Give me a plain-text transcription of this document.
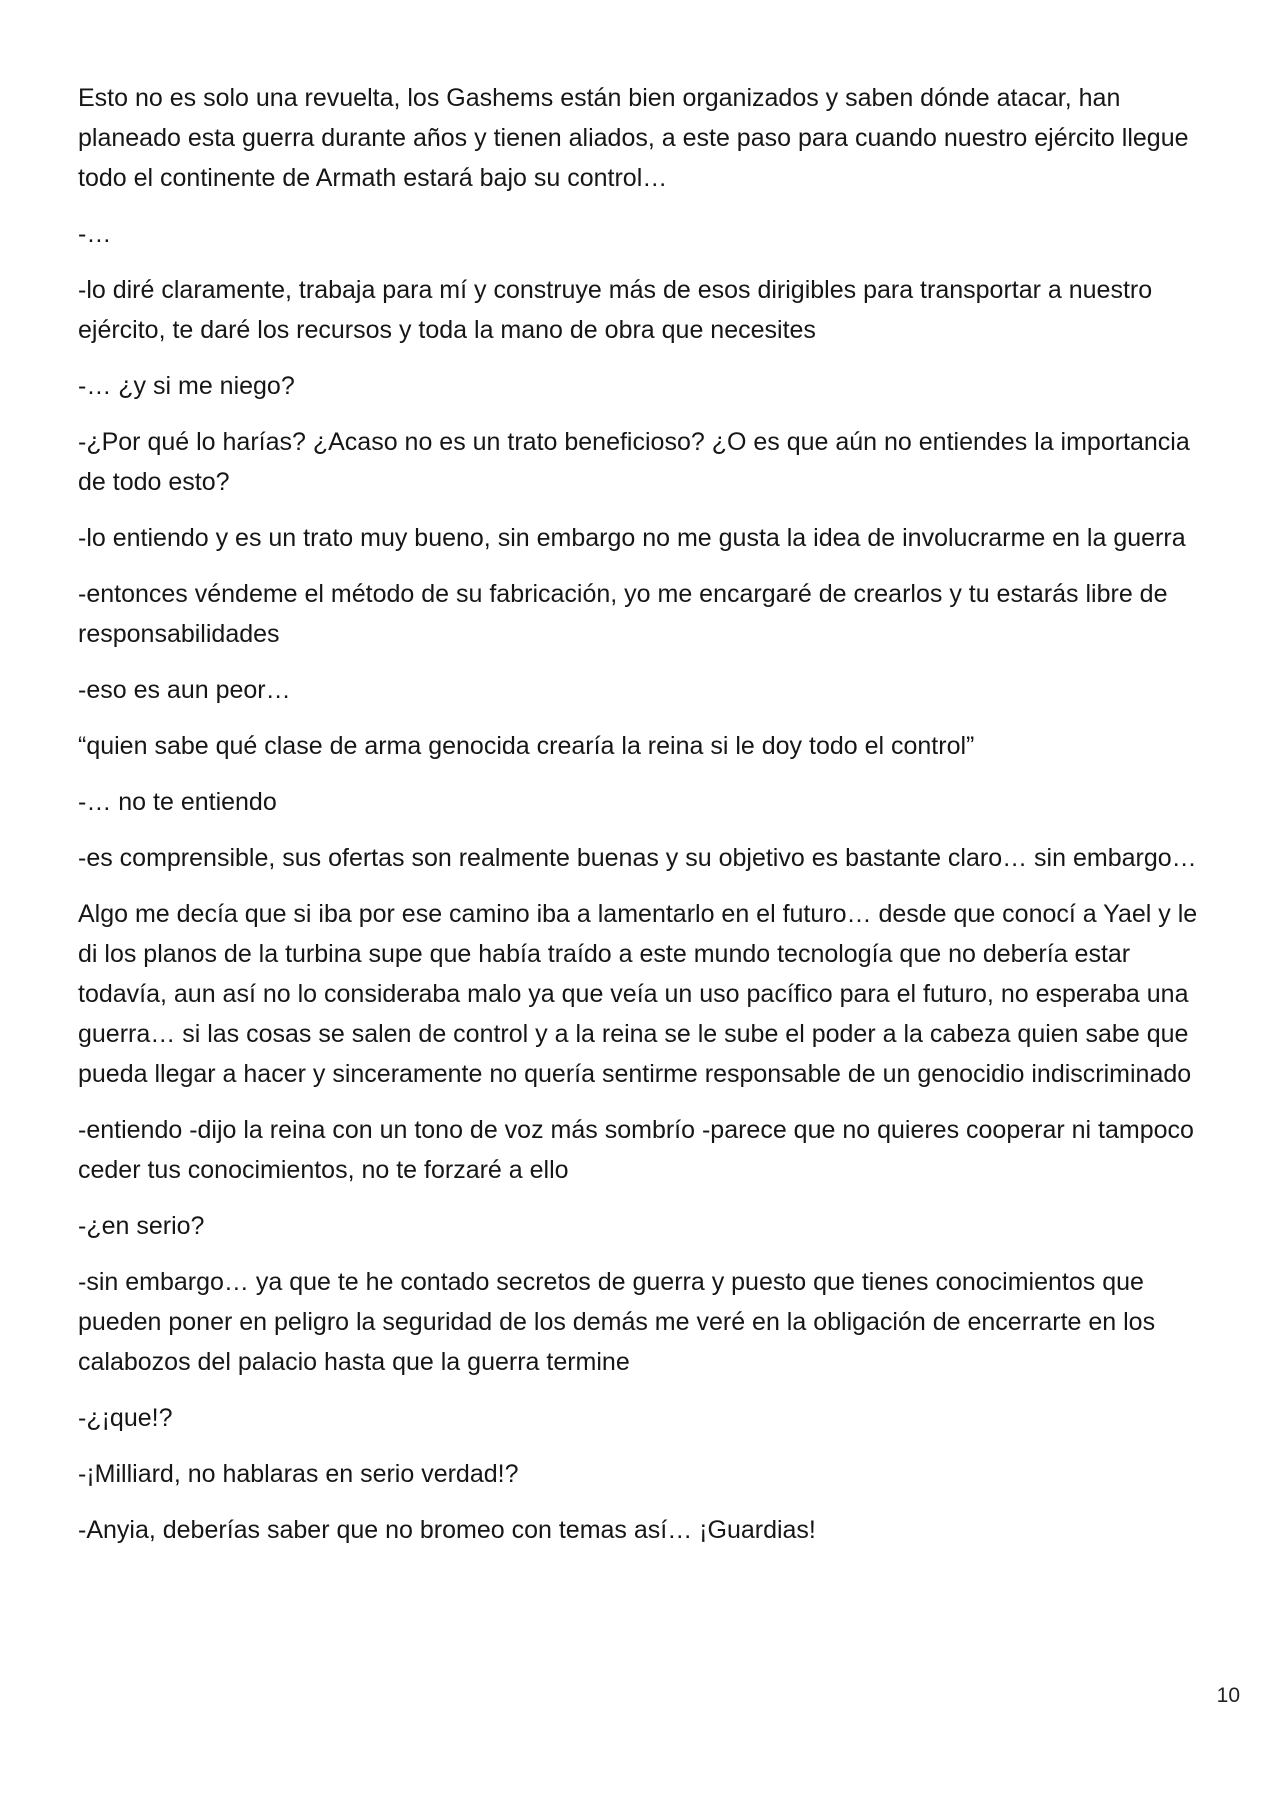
Esto no es solo una revuelta, los Gashems están bien organizados y saben dónde atacar, han planeado esta guerra durante años y tienen aliados, a este paso para cuando nuestro ejército llegue todo el continente de Armath estará bajo su control…

-…

-lo diré claramente, trabaja para mí y construye más de esos dirigibles para transportar a nuestro ejército, te daré los recursos y toda la mano de obra que necesites

-… ¿y si me niego?

-¿Por qué lo harías? ¿Acaso no es un trato beneficioso? ¿O es que aún no entiendes la importancia de todo esto?

-lo entiendo y es un trato muy bueno, sin embargo no me gusta la idea de involucrarme en la guerra

-entonces véndeme el método de su fabricación, yo me encargaré de crearlos y tu estarás libre de responsabilidades

-eso es aun peor…

“quien sabe qué clase de arma genocida crearía la reina si le doy todo el control”

-… no te entiendo

-es comprensible, sus ofertas son realmente buenas y su objetivo es bastante claro… sin embargo…

Algo me decía que si iba por ese camino iba a lamentarlo en el futuro… desde que conocí a Yael y le di los planos de la turbina supe que había traído a este mundo tecnología que no debería estar todavía, aun así no lo consideraba malo ya que veía un uso pacífico para el futuro, no esperaba una guerra… si las cosas se salen de control y a la reina se le sube el poder a la cabeza quien sabe que pueda llegar a hacer y sinceramente no quería sentirme responsable de un genocidio indiscriminado

-entiendo -dijo la reina con un tono de voz más sombrío -parece que no quieres cooperar ni tampoco ceder tus conocimientos, no te forzaré a ello

-¿en serio?

-sin embargo… ya que te he contado secretos de guerra y puesto que tienes conocimientos que pueden poner en peligro la seguridad de los demás me veré en la obligación de encerrarte en los calabozos del palacio hasta que la guerra termine

-¿¡que!?

-¡Milliard, no hablaras en serio verdad!?

-Anyia, deberías saber que no bromeo con temas así… ¡Guardias!

10
